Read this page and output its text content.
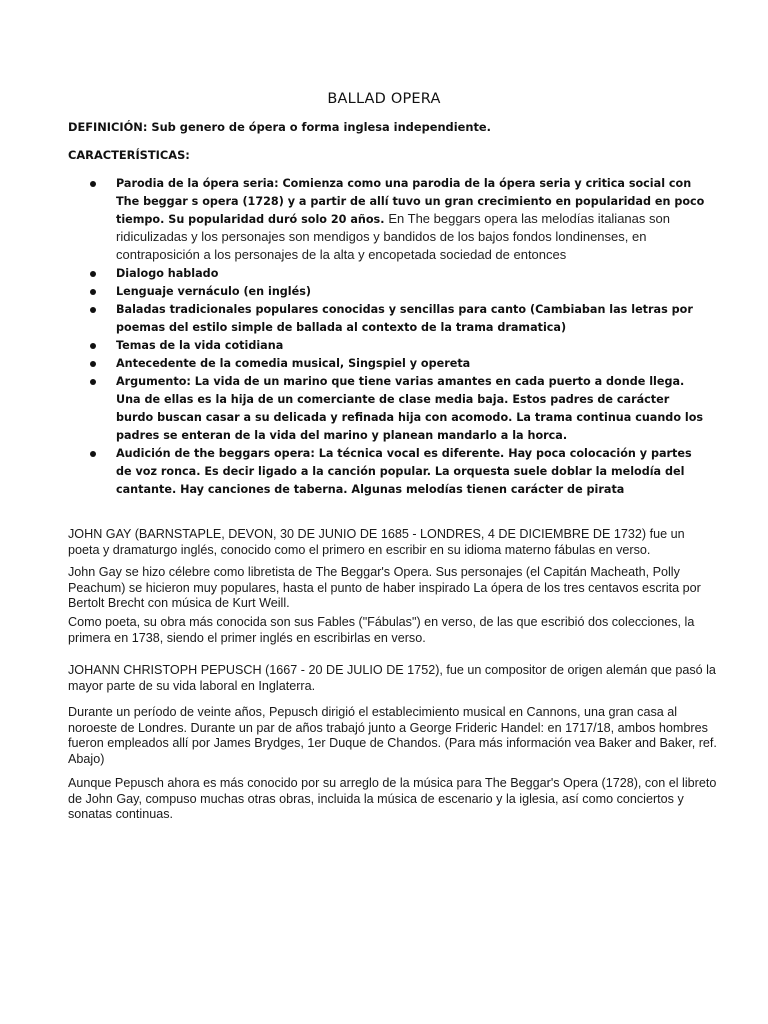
BALLAD OPERA
DEFINICIÓN: Sub genero de ópera o forma inglesa independiente.
CARACTERÍSTICAS:
Parodia de la ópera seria: Comienza como una parodia de la ópera seria y critica social con The beggar s opera (1728) y a partir de allí tuvo un gran crecimiento en popularidad en poco tiempo. Su popularidad duró solo 20 años. En The beggars opera las melodías italianas son ridiculizadas y los personajes son mendigos y bandidos de los bajos fondos londinenses, en contraposición a los personajes de la alta y encopetada sociedad de entonces
Dialogo hablado
Lenguaje vernáculo (en inglés)
Baladas tradicionales populares conocidas y sencillas para canto (Cambiaban las letras por poemas del estilo simple de ballada al contexto de la trama dramatica)
Temas de la vida cotidiana
Antecedente de la comedia musical, Singspiel y opereta
Argumento: La vida de un marino que tiene varias amantes en cada puerto a donde llega. Una de ellas es la hija de un comerciante de clase media baja. Estos padres de carácter burdo buscan casar a su delicada y refinada hija con acomodo. La trama continua cuando los padres se enteran de la vida del marino y planean mandarlo a la horca.
Audición de the beggars opera: La técnica vocal es diferente. Hay poca colocación y partes de voz ronca. Es decir ligado a la canción popular. La orquesta suele doblar la melodía del cantante. Hay canciones de taberna. Algunas melodías tienen carácter de pirata

JOHN GAY (BARNSTAPLE, DEVON, 30 DE JUNIO DE 1685 - LONDRES, 4 DE DICIEMBRE DE 1732) fue un poeta y dramaturgo inglés, conocido como el primero en escribir en su idioma materno fábulas en verso.

John Gay se hizo célebre como libretista de The Beggar's Opera. Sus personajes (el Capitán Macheath, Polly Peachum) se hicieron muy populares, hasta el punto de haber inspirado La ópera de los tres centavos escrita por Bertolt Brecht con música de Kurt Weill.

Como poeta, su obra más conocida son sus Fables ("Fábulas") en verso, de las que escribió dos colecciones, la primera en 1738, siendo el primer inglés en escribirlas en verso.

JOHANN CHRISTOPH PEPUSCH (1667 - 20 DE JULIO DE 1752), fue un compositor de origen alemán que pasó la mayor parte de su vida laboral en Inglaterra.

Durante un período de veinte años, Pepusch dirigió el establecimiento musical en Cannons, una gran casa al noroeste de Londres. Durante un par de años trabajó junto a George Frideric Handel: en 1717/18, ambos hombres fueron empleados allí por James Brydges, 1er Duque de Chandos. (Para más información vea Baker and Baker, ref. Abajo)

Aunque Pepusch ahora es más conocido por su arreglo de la música para The Beggar's Opera (1728), con el libreto de John Gay, compuso muchas otras obras, incluida la música de escenario y la iglesia, así como conciertos y sonatas continuas.
